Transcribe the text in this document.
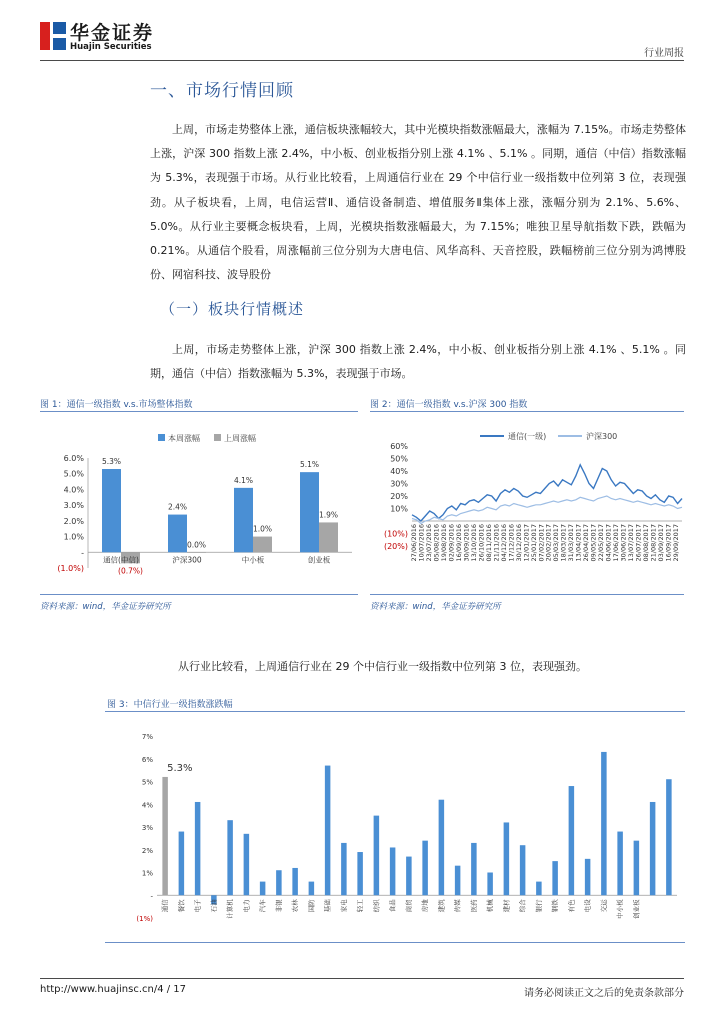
华金证券
Huajin Securities
行业周报
一、市场行情回顾

上周，市场走势整体上涨，通信板块涨幅较大，其中光模块指数涨幅最大，涨幅为 7.15%。市场走势整体上涨，沪深 300 指数上涨 2.4%，中小板、创业板指分别上涨 4.1% 、5.1% 。同期，通信（中信）指数涨幅为 5.3%，表现强于市场。从行业比较看，上周通信行业在 29 个中信行业一级指数中位列第 3 位，表现强劲。从子板块看，上周，电信运营Ⅱ、通信设备制造、增值服务Ⅱ集体上涨，涨幅分别为 2.1%、5.6%、5.0%。从行业主要概念板块看，上周，光模块指数涨幅最大，为 7.15%；唯独卫星导航指数下跌，跌幅为 0.21%。从通信个股看，周涨幅前三位分别为大唐电信、风华高科、天音控股，跌幅榜前三位分别为鸿博股份、网宿科技、波导股份

（一）板块行情概述

上周，市场走势整体上涨，沪深 300 指数上涨 2.4%，中小板、创业板指分别上涨 4.1% 、5.1% 。同期，通信（中信）指数涨幅为 5.3%，表现强于市场。

图 1：通信一级指数 v.s.市场整体指数
本周涨幅	上周涨幅
6.0%
5.0%
4.0%
3.0%
2.0%
1.0%
-
(1.0%)
5.3%
(0.7%)
通信(中信)
2.4%
0.0%
沪深300
4.1%
1.0%
中小板
5.1%
1.9%
创业板
资料来源：wind，华金证券研究所
图 2：通信一级指数 v.s.沪深 300 指数
通信(一级)	沪深300
60%
50%
40%
30%
20%
10%
(10%)
(20%) 27/06/2016 10/07/2016 23/07/2016 05/08/2016 19/08/2016 02/09/2016 16/09/2016 30/09/2016 13/10/2016 26/10/2016 08/11/2016 21/11/2016 04/12/2016 17/12/2016 30/12/2016 12/01/2017 25/01/2017 07/02/2017 20/02/2017 05/03/2017 18/03/2017 31/03/2017 13/04/2017 26/04/2017 09/05/2017 22/05/2017 04/06/2017 17/06/2017 30/06/2017 13/07/2017 26/07/2017 08/08/2017 21/08/2017 03/09/2017 16/09/2017 29/09/2017
资料来源：wind，华金证券研究所
从行业比较看，上周通信行业在 29 个中信行业一级指数中位列第 3 位，表现强劲。
图 3：中信行业一级指数涨跌幅
7%
6%
5%
4%
3%
2%
1%
-
(1%)
5.3%
通信 餐饮 电子 石油 计算机 电力 汽车 非银 农林 国防 基础 家电 轻工 纺织 食品 商贸 房地 建筑 传媒 医药 机械 建材 综合 银行 钢铁 有色 电设 交运 中小板 创业板
http://www.huajinsc.cn/4 / 17	请务必阅读正文之后的免责条款部分
